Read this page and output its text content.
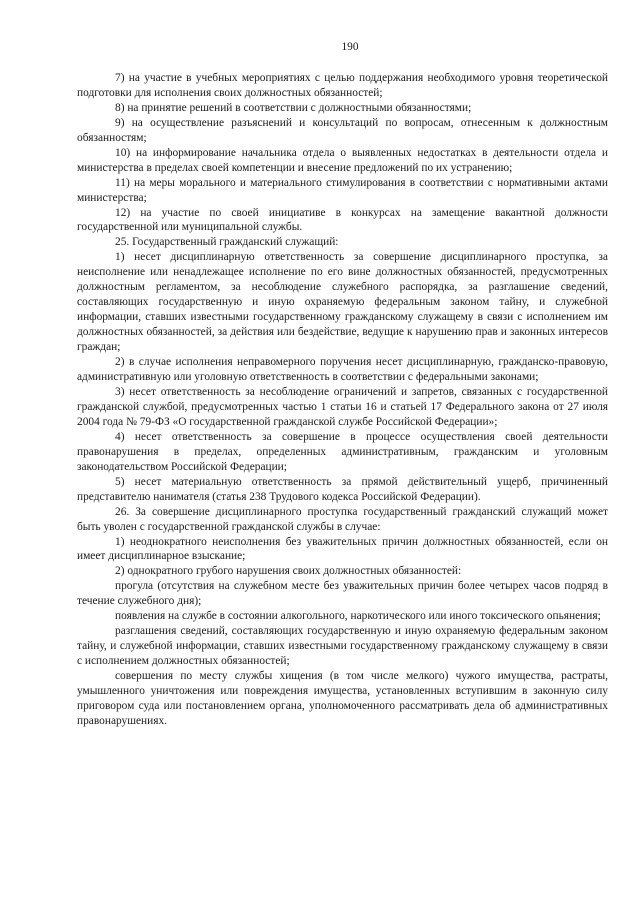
190

7) на участие в учебных мероприятиях с целью поддержания необходимого уровня теоретической подготовки для исполнения своих должностных обязанностей;

8) на принятие решений в соответствии с должностными обязанностями;

9) на осуществление разъяснений и консультаций по вопросам, отнесенным к должностным обязанностям;

10) на информирование начальника отдела о выявленных недостатках в деятельности отдела и министерства в пределах своей компетенции и внесение предложений по их устранению;

11) на меры морального и материального стимулирования в соответствии с нормативными актами министерства;

12) на участие по своей инициативе в конкурсах на замещение вакантной должности государственной или муниципальной службы.

25. Государственный гражданский служащий:

1) несет дисциплинарную ответственность за совершение дисциплинарного проступка, за неисполнение или ненадлежащее исполнение по его вине должностных обязанностей, предусмотренных должностным регламентом, за несоблюдение служебного распорядка, за разглашение сведений, составляющих государственную и иную охраняемую федеральным законом тайну, и служебной информации, ставших известными государственному гражданскому служащему в связи с исполнением им должностных обязанностей, за действия или бездействие, ведущие к нарушению прав и законных интересов граждан;

2) в случае исполнения неправомерного поручения несет дисциплинарную, гражданско-правовую, административную или уголовную ответственность в соответствии с федеральными законами;

3) несет ответственность за несоблюдение ограничений и запретов, связанных с государственной гражданской службой, предусмотренных частью 1 статьи 16 и статьей 17 Федерального закона от 27 июля 2004 года № 79-ФЗ «О государственной гражданской службе Российской Федерации»;

4) несет ответственность за совершение в процессе осуществления своей деятельности правонарушения в пределах, определенных административным, гражданским и уголовным законодательством Российской Федерации;

5) несет материальную ответственность за прямой действительный ущерб, причиненный представителю нанимателя (статья 238 Трудового кодекса Российской Федерации).

26. За совершение дисциплинарного проступка государственный гражданский служащий может быть уволен с государственной гражданской службы в случае:

1) неоднократного неисполнения без уважительных причин должностных обязанностей, если он имеет дисциплинарное взыскание;

2) однократного грубого нарушения своих должностных обязанностей:

прогула (отсутствия на служебном месте без уважительных причин более четырех часов подряд в течение служебного дня);

появления на службе в состоянии алкогольного, наркотического или иного токсического опьянения;

разглашения сведений, составляющих государственную и иную охраняемую федеральным законом тайну, и служебной информации, ставших известными государственному гражданскому служащему в связи с исполнением должностных обязанностей;

совершения по месту службы хищения (в том числе мелкого) чужого имущества, растраты, умышленного уничтожения или повреждения имущества, установленных вступившим в законную силу приговором суда или постановлением органа, уполномоченного рассматривать дела об административных правонарушениях.
